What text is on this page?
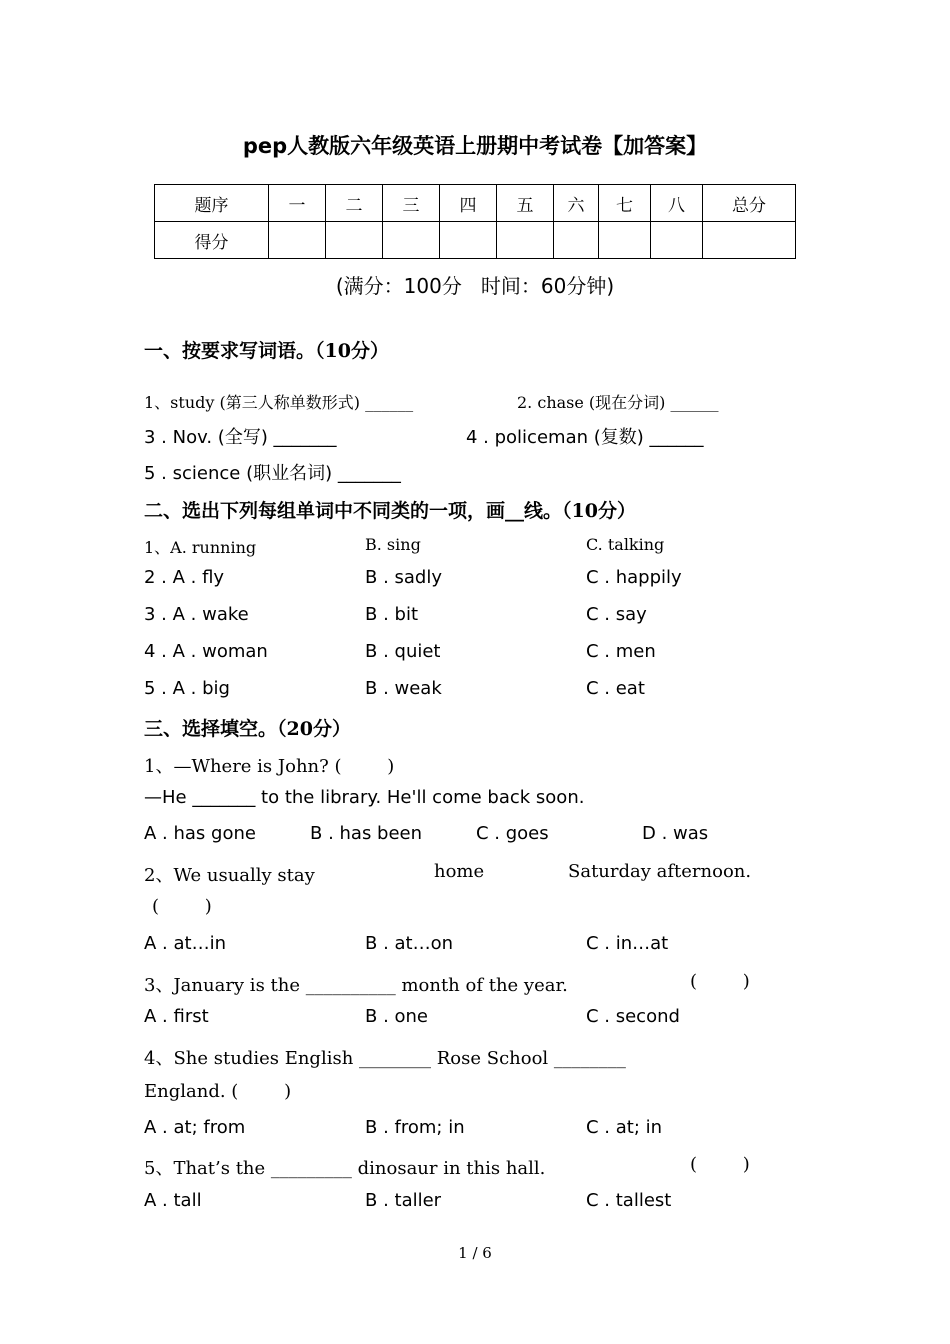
pep人教版六年级英语上册期中考试卷【加答案】
题序	一	二	三	四	五	六	七	八	总分
得分									
(满分：100分   时间：60分钟)
一、按要求写词语。（10分）
1、study (第三人称单数形式) ______	2. chase (现在分词) ______
3 . Nov. (全写) _______	4 . policeman (复数) ______
5 . science (职业名词) _______
二、选出下列每组单词中不同类的一项，画__线。（10分）
1、A. running	B. sing	C. talking
2 . A . fly	B . sadly	C . happily
3 . A . wake	B . bit	C . say
4 . A . woman	B . quiet	C . men
5 . A . big	B . weak	C . eat
三、选择填空。（20分）
1、—Where is John? (        )
—He _______ to the library. He'll come back soon.
A . has gone	B . has been	C . goes	D . was
2、We usually stay	home	Saturday afternoon.
(        )
A . at…in	B . at…on	C . in…at
3、January is the __________ month of the year.	(        )
A . first	B . one	C . second
4、She studies English ________ Rose School ________
England. (        )
A . at; from	B . from; in	C . at; in
5、That’s the _________ dinosaur in this hall.	(        )
A . tall	B . taller	C . tallest
1 / 6
